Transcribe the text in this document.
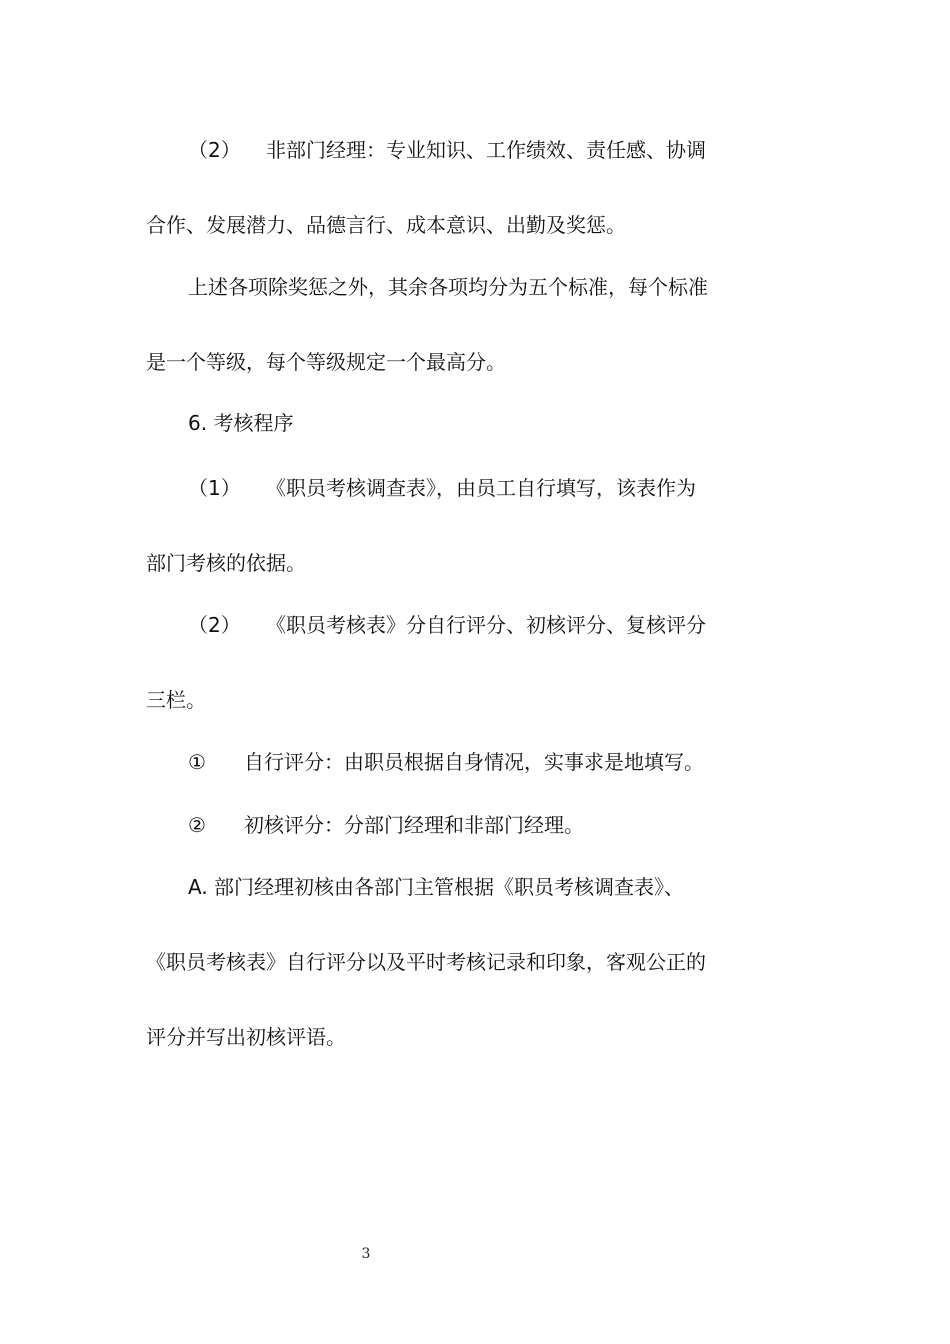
（2） 非部门经理：专业知识、工作绩效、责任感、协调
合作、发展潜力、品德言行、成本意识、出勤及奖惩。
上述各项除奖惩之外，其余各项均分为五个标准，每个标准
是一个等级，每个等级规定一个最高分。
6. 考核程序
（1） 《职员考核调查表》，由员工自行填写，该表作为
部门考核的依据。
（2） 《职员考核表》分自行评分、初核评分、复核评分
三栏。
① 自行评分：由职员根据自身情况，实事求是地填写。
② 初核评分：分部门经理和非部门经理。
A. 部门经理初核由各部门主管根据《职员考核调查表》、
《职员考核表》自行评分以及平时考核记录和印象，客观公正的
评分并写出初核评语。
3
